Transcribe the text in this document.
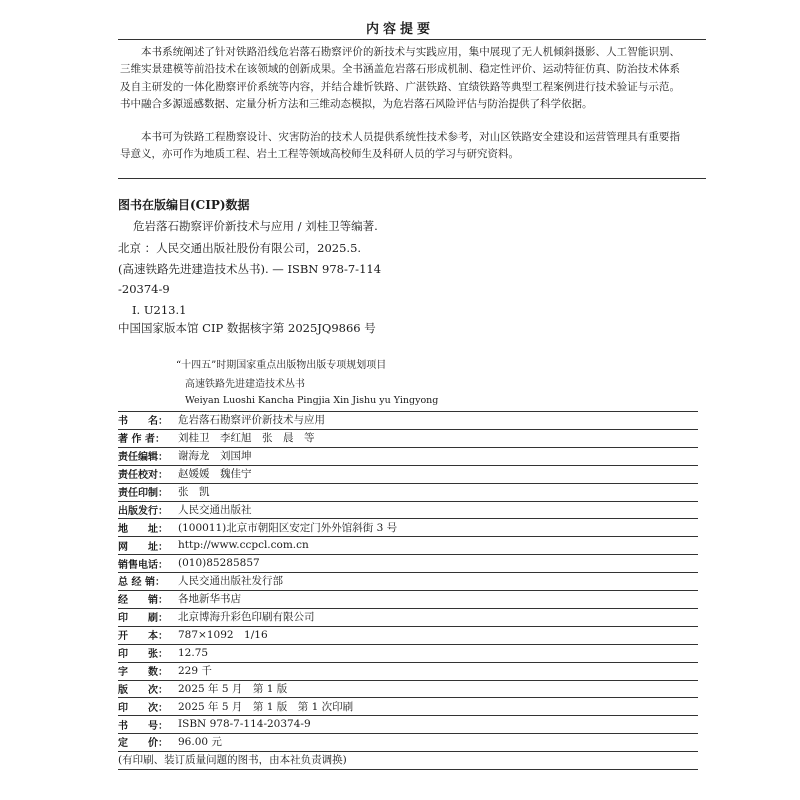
内容提要

本书系统阐述了针对铁路沿线危岩落石勘察评价的新技术与实践应用，集中展现了无人机倾斜摄影、人工智能识别、三维实景建模等前沿技术在该领域的创新成果。全书涵盖危岩落石形成机制、稳定性评价、运动特征仿真、防治技术体系及自主研发的一体化勘察评价系统等内容，并结合雄忻铁路、广湛铁路、宜绩铁路等典型工程案例进行技术验证与示范。书中融合多源遥感数据、定量分析方法和三维动态模拟，为危岩落石风险评估与防治提供了科学依据。

本书可为铁路工程勘察设计、灾害防治的技术人员提供系统性技术参考，对山区铁路安全建设和运营管理具有重要指导意义，亦可作为地质工程、岩土工程等领域高校师生及科研人员的学习与研究资料。

图书在版编目(CIP)数据

危岩落石勘察评价新技术与应用 / 刘桂卫等编著.

北京 ：人民交通出版社股份有限公司，2025.5.

(高速铁路先进建造技术丛书). — ISBN 978-7-114

-20374-9

Ⅰ. U213.1

中国国家版本馆 CIP 数据核字第 2025JQ9866 号

“十四五”时期国家重点出版物出版专项规划项目

高速铁路先进建造技术丛书

Weiyan Luoshi Kancha Pingjia Xin Jishu yu Yingyong

书　　名： 危岩落石勘察评价新技术与应用
著 作 者：	刘桂卫　李红旭　张　晨　等
责任编辑： 谢海龙　刘国坤
责任校对： 赵媛媛　魏佳宁
责任印制： 张　凯
出版发行： 人民交通出版社
地　　址： (100011)北京市朝阳区安定门外外馆斜街 3 号
网　　址： http://www.ccpcl.com.cn
销售电话： (010)85285857
总 经 销：	人民交通出版社发行部
经　　销： 各地新华书店
印　　刷： 北京博海升彩色印刷有限公司
开　　本： 787×1092　1/16
印　　张： 12.75
字　　数： 229 千
版　　次： 2025 年 5 月　第 1 版
印　　次： 2025 年 5 月　第 1 版　第 1 次印刷
书　　号： ISBN 978-7-114-20374-9
定　　价： 96.00 元
(有印刷、装订质量问题的图书，由本社负责调换)
